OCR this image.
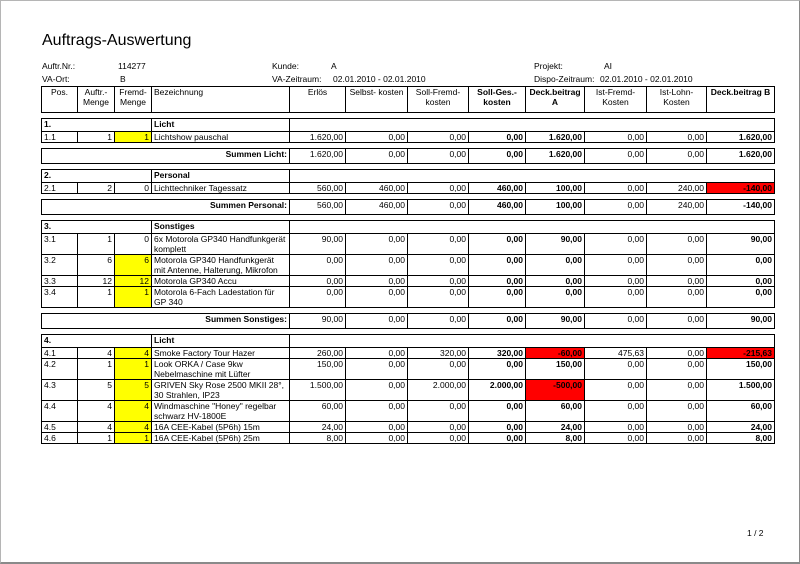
Auftrags-Auswertung
Auftr.Nr.:	114277	Kunde:	A	Projekt:	AI
VA-Ort:	B	VA-Zeitraum: 02.01.2010 - 02.01.2010	Dispo-Zeitraum: 02.01.2010 - 02.01.2010
Pos.	Auftr.- Menge	Fremd- Menge	Bezeichnung	Erlös	Selbst- kosten	Soll-Fremd- kosten	Soll-Ges.- kosten	Deck.beitrag A	Ist-Fremd- Kosten	Ist-Lohn- Kosten	Deck.beitrag B

1.			Licht								
1.1	1	1	Lichtshow pauschal	1.620,00	0,00	0,00	0,00	1.620,00	0,00	0,00	1.620,00

Summen Licht:				1.620,00	0,00	0,00	0,00	1.620,00	0,00	0,00	1.620,00

2.			Personal								
2.1	2	0	Lichttechniker Tagessatz	560,00	460,00	0,00	460,00	100,00	0,00	240,00	-140,00

Summen Personal:				560,00	460,00	0,00	460,00	100,00	0,00	240,00	-140,00

3.			Sonstiges								
3.1	1	0	6x Motorola GP340 Handfunkgerät komplett	90,00	0,00	0,00	0,00	90,00	0,00	0,00	90,00
3.2	6	6	Motorola GP340 Handfunkgerät mit Antenne, Halterung, Mikrofon	0,00	0,00	0,00	0,00	0,00	0,00	0,00	0,00
3.3	12	12	Motorola GP340 Accu	0,00	0,00	0,00	0,00	0,00	0,00	0,00	0,00
3.4	1	1	Motorola 6-Fach Ladestation für GP 340	0,00	0,00	0,00	0,00	0,00	0,00	0,00	0,00

Summen Sonstiges:				90,00	0,00	0,00	0,00	90,00	0,00	0,00	90,00

4.			Licht								
4.1	4	4	Smoke Factory Tour Hazer	260,00	0,00	320,00	320,00	-60,00	475,63	0,00	-215,63
4.2	1	1	Look ORKA / Case 9kw Nebelmaschine mit Lüfter	150,00	0,00	0,00	0,00	150,00	0,00	0,00	150,00
4.3	5	5	GRIVEN Sky Rose 2500 MKII 28°, 30 Strahlen, IP23	1.500,00	0,00	2.000,00	2.000,00	-500,00	0,00	0,00	1.500,00
4.4	4	4	Windmaschine "Honey" regelbar schwarz HV-1800E	60,00	0,00	0,00	0,00	60,00	0,00	0,00	60,00
4.5	4	4	16A CEE-Kabel (5P6h) 15m	24,00	0,00	0,00	0,00	24,00	0,00	0,00	24,00
4.6	1	1	16A CEE-Kabel (5P6h) 25m	8,00	0,00	0,00	0,00	8,00	0,00	0,00	8,00
1 / 2
